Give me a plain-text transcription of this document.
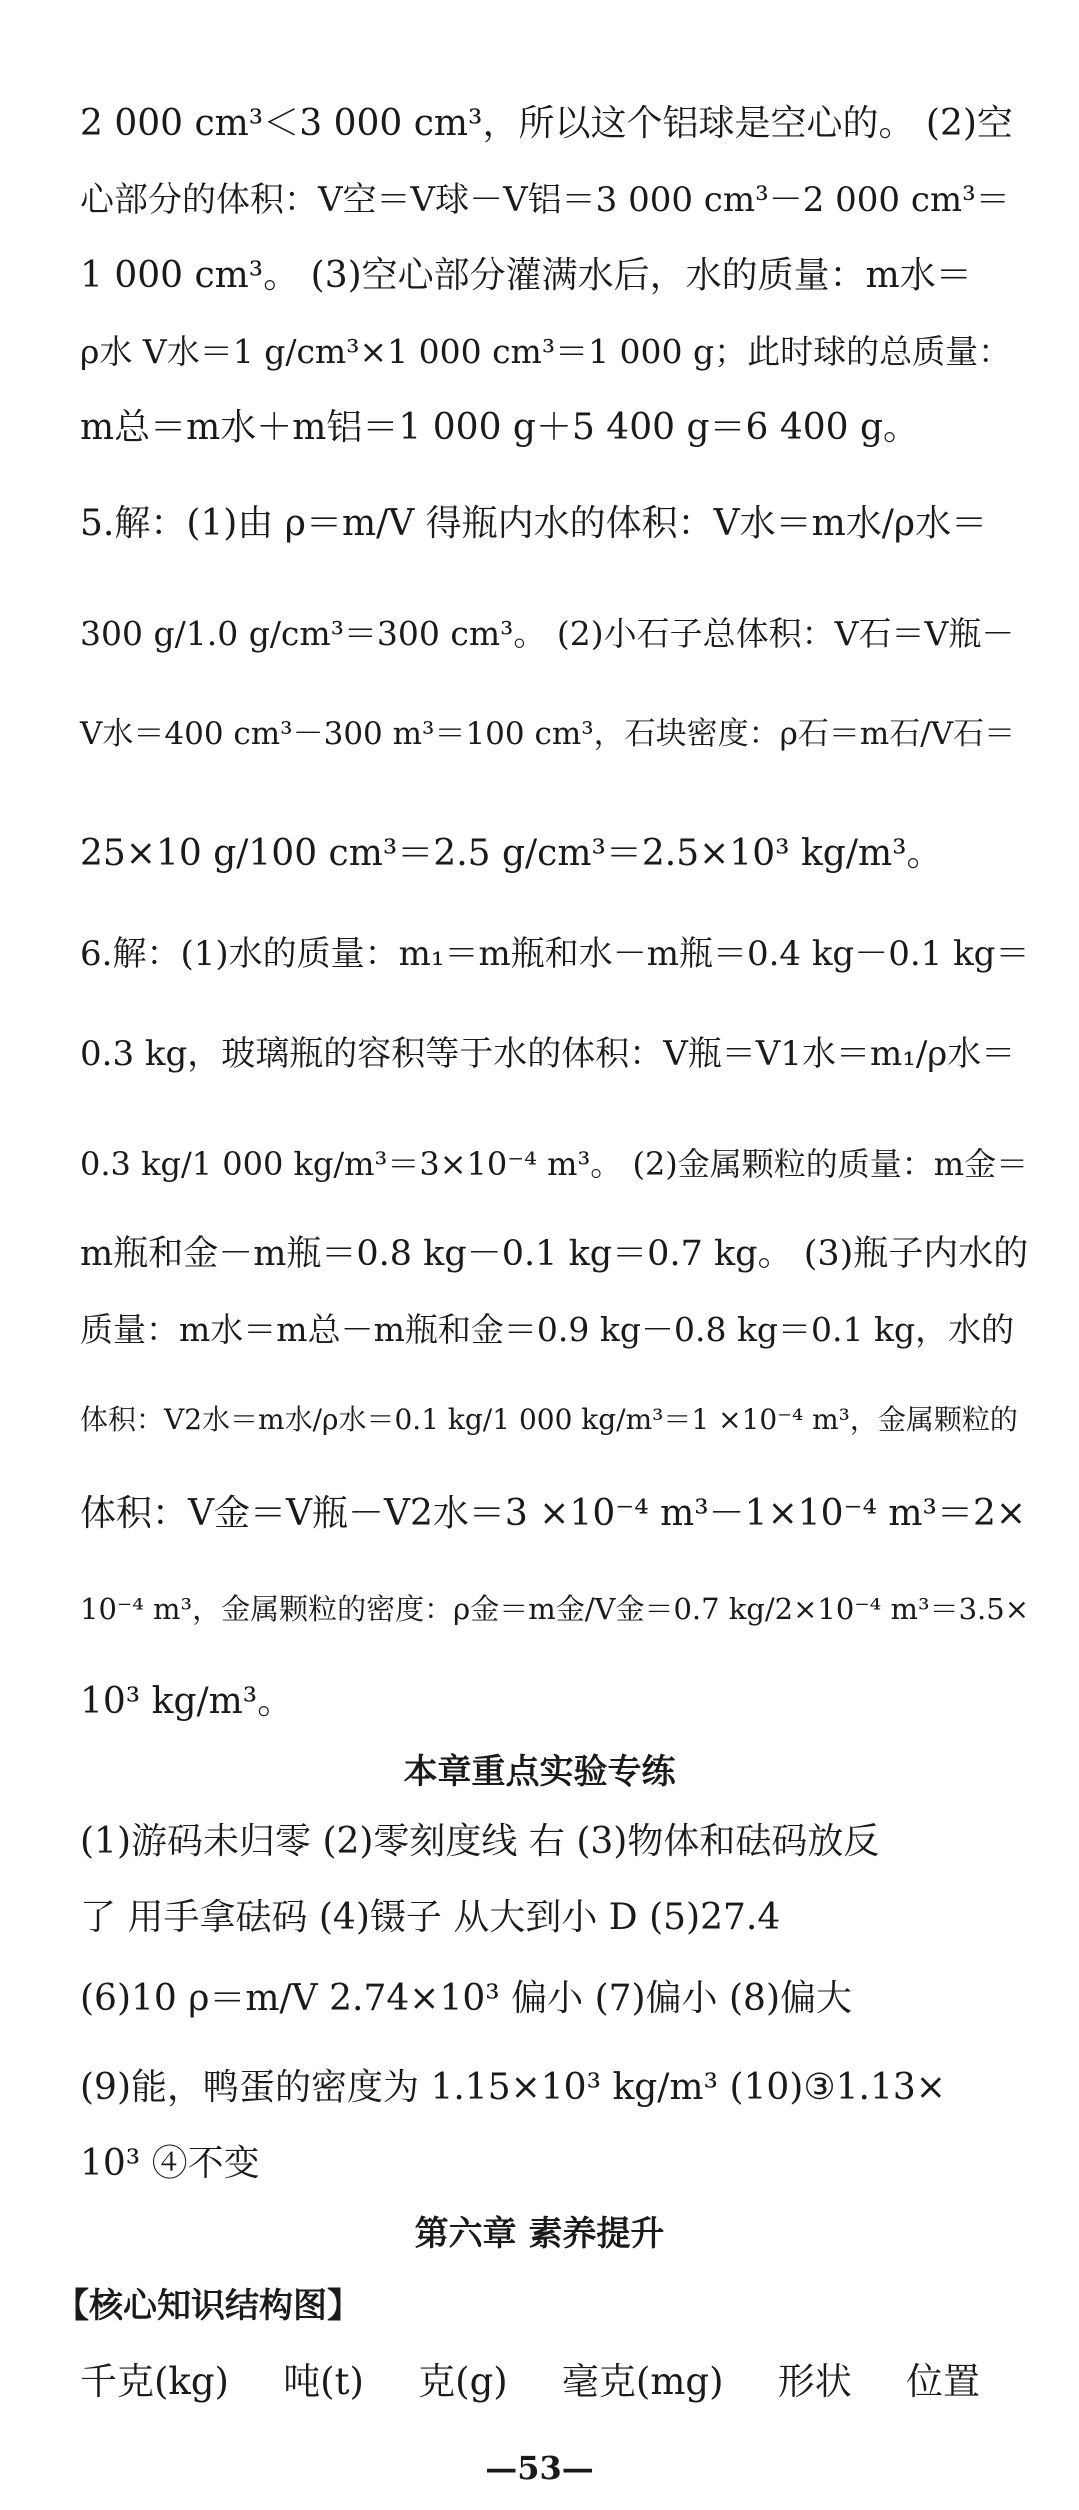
2 000 cm³＜3 000 cm³，所以这个铝球是空心的。 (2)空
心部分的体积：V空＝V球－V铝＝3 000 cm³－2 000 cm³＝
1 000 cm³。 (3)空心部分灌满水后，水的质量：m水＝
ρ水 V水＝1 g/cm³×1 000 cm³＝1 000 g；此时球的总质量：
m总＝m水＋m铝＝1 000 g＋5 400 g＝6 400 g。
5.解：(1)由 ρ＝m/V 得瓶内水的体积：V水＝m水/ρ水＝
300 g/1.0 g/cm³＝300 cm³。 (2)小石子总体积：V石＝V瓶－
V水＝400 cm³－300 m³＝100 cm³，石块密度：ρ石＝m石/V石＝
25×10 g/100 cm³＝2.5 g/cm³＝2.5×10³ kg/m³。
6.解：(1)水的质量：m₁＝m瓶和水－m瓶＝0.4 kg－0.1 kg＝
0.3 kg，玻璃瓶的容积等于水的体积：V瓶＝V1水＝m₁/ρ水＝
0.3 kg/1 000 kg/m³＝3×10⁻⁴ m³。 (2)金属颗粒的质量：m金＝
m瓶和金－m瓶＝0.8 kg－0.1 kg＝0.7 kg。 (3)瓶子内水的
质量：m水＝m总－m瓶和金＝0.9 kg－0.8 kg＝0.1 kg，水的
体积：V2水＝m水/ρ水＝0.1 kg/1 000 kg/m³＝1 ×10⁻⁴ m³，金属颗粒的
体积：V金＝V瓶－V2水＝3 ×10⁻⁴ m³－1×10⁻⁴ m³＝2×
10⁻⁴ m³，金属颗粒的密度：ρ金＝m金/V金＝0.7 kg/2×10⁻⁴ m³＝3.5×
10³ kg/m³。
本章重点实验专练
(1)游码未归零 (2)零刻度线 右 (3)物体和砝码放反
了 用手拿砝码 (4)镊子 从大到小 D (5)27.4
(6)10 ρ＝m/V 2.74×10³ 偏小 (7)偏小 (8)偏大
(9)能，鸭蛋的密度为 1.15×10³ kg/m³ (10)③1.13×
10³ ④不变
第六章 素养提升
【核心知识结构图】
千克(kg) 吨(t) 克(g) 毫克(mg) 形状 位置
—53—
